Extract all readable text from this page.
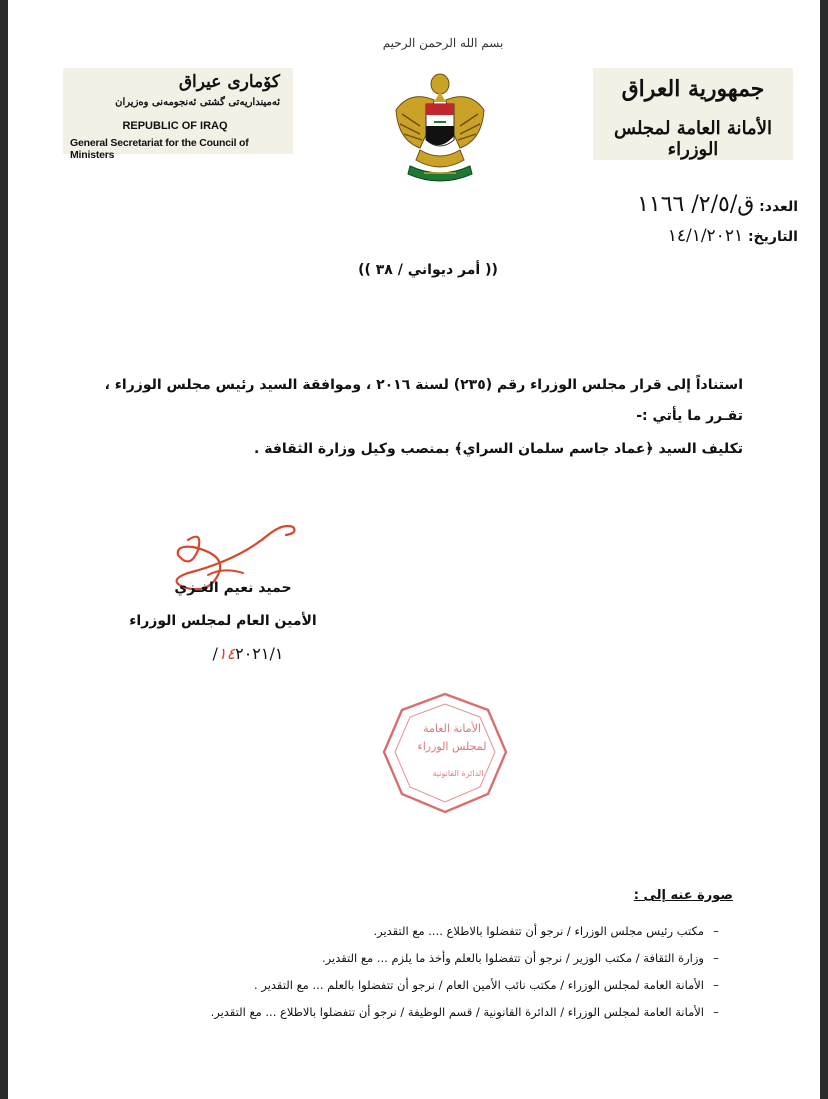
بسم الله الرحمن الرحيم
كۆماری عیراق
ئه‌مینداریه‌تی گشتی ئه‌نجومه‌نی وه‌زیران
REPUBLIC OF IRAQ
General Secretariat for the Council of Ministers
جمهورية العراق
الأمانة العامة لمجلس الوزراء
العدد: ق/٢/٥/ ١١٦٦
التاريخ: ١٤/١/٢٠٢١
(( أمر ديواني / ٣٨ ))
استناداً إلى قرار مجلس الوزراء رقم (٢٣٥) لسنة ٢٠١٦ ، وموافقة السيد رئيس مجلس الوزراء ،
تقـرر ما يأتي :-
تكليف السيد ﴿عماد جاسم سلمان السراي﴾ بمنصب وكيل وزارة الثقافة .
حميد نعيم الغـزي
الأمين العام لمجلس الوزراء
١٤٢٠٢١/١/
الأمانة العامة
لمجلس الوزراء
الدائرة القانونية
صورة عنه إلى :
–مكتب رئيس مجلس الوزراء / نرجو أن تتفضلوا بالاطلاع .... مع التقدير.
–وزارة الثقافة / مكتب الوزير / نرجو أن تتفضلوا بالعلم وأخذ ما يلزم ... مع التقدير.
–الأمانة العامة لمجلس الوزراء / مكتب نائب الأمين العام / نرجو أن تتفضلوا بالعلم ... مع التقدير .
–الأمانة العامة لمجلس الوزراء / الدائرة القانونية / قسم الوظيفة / نرجو أن تتفضلوا بالاطلاع ... مع التقدير.
